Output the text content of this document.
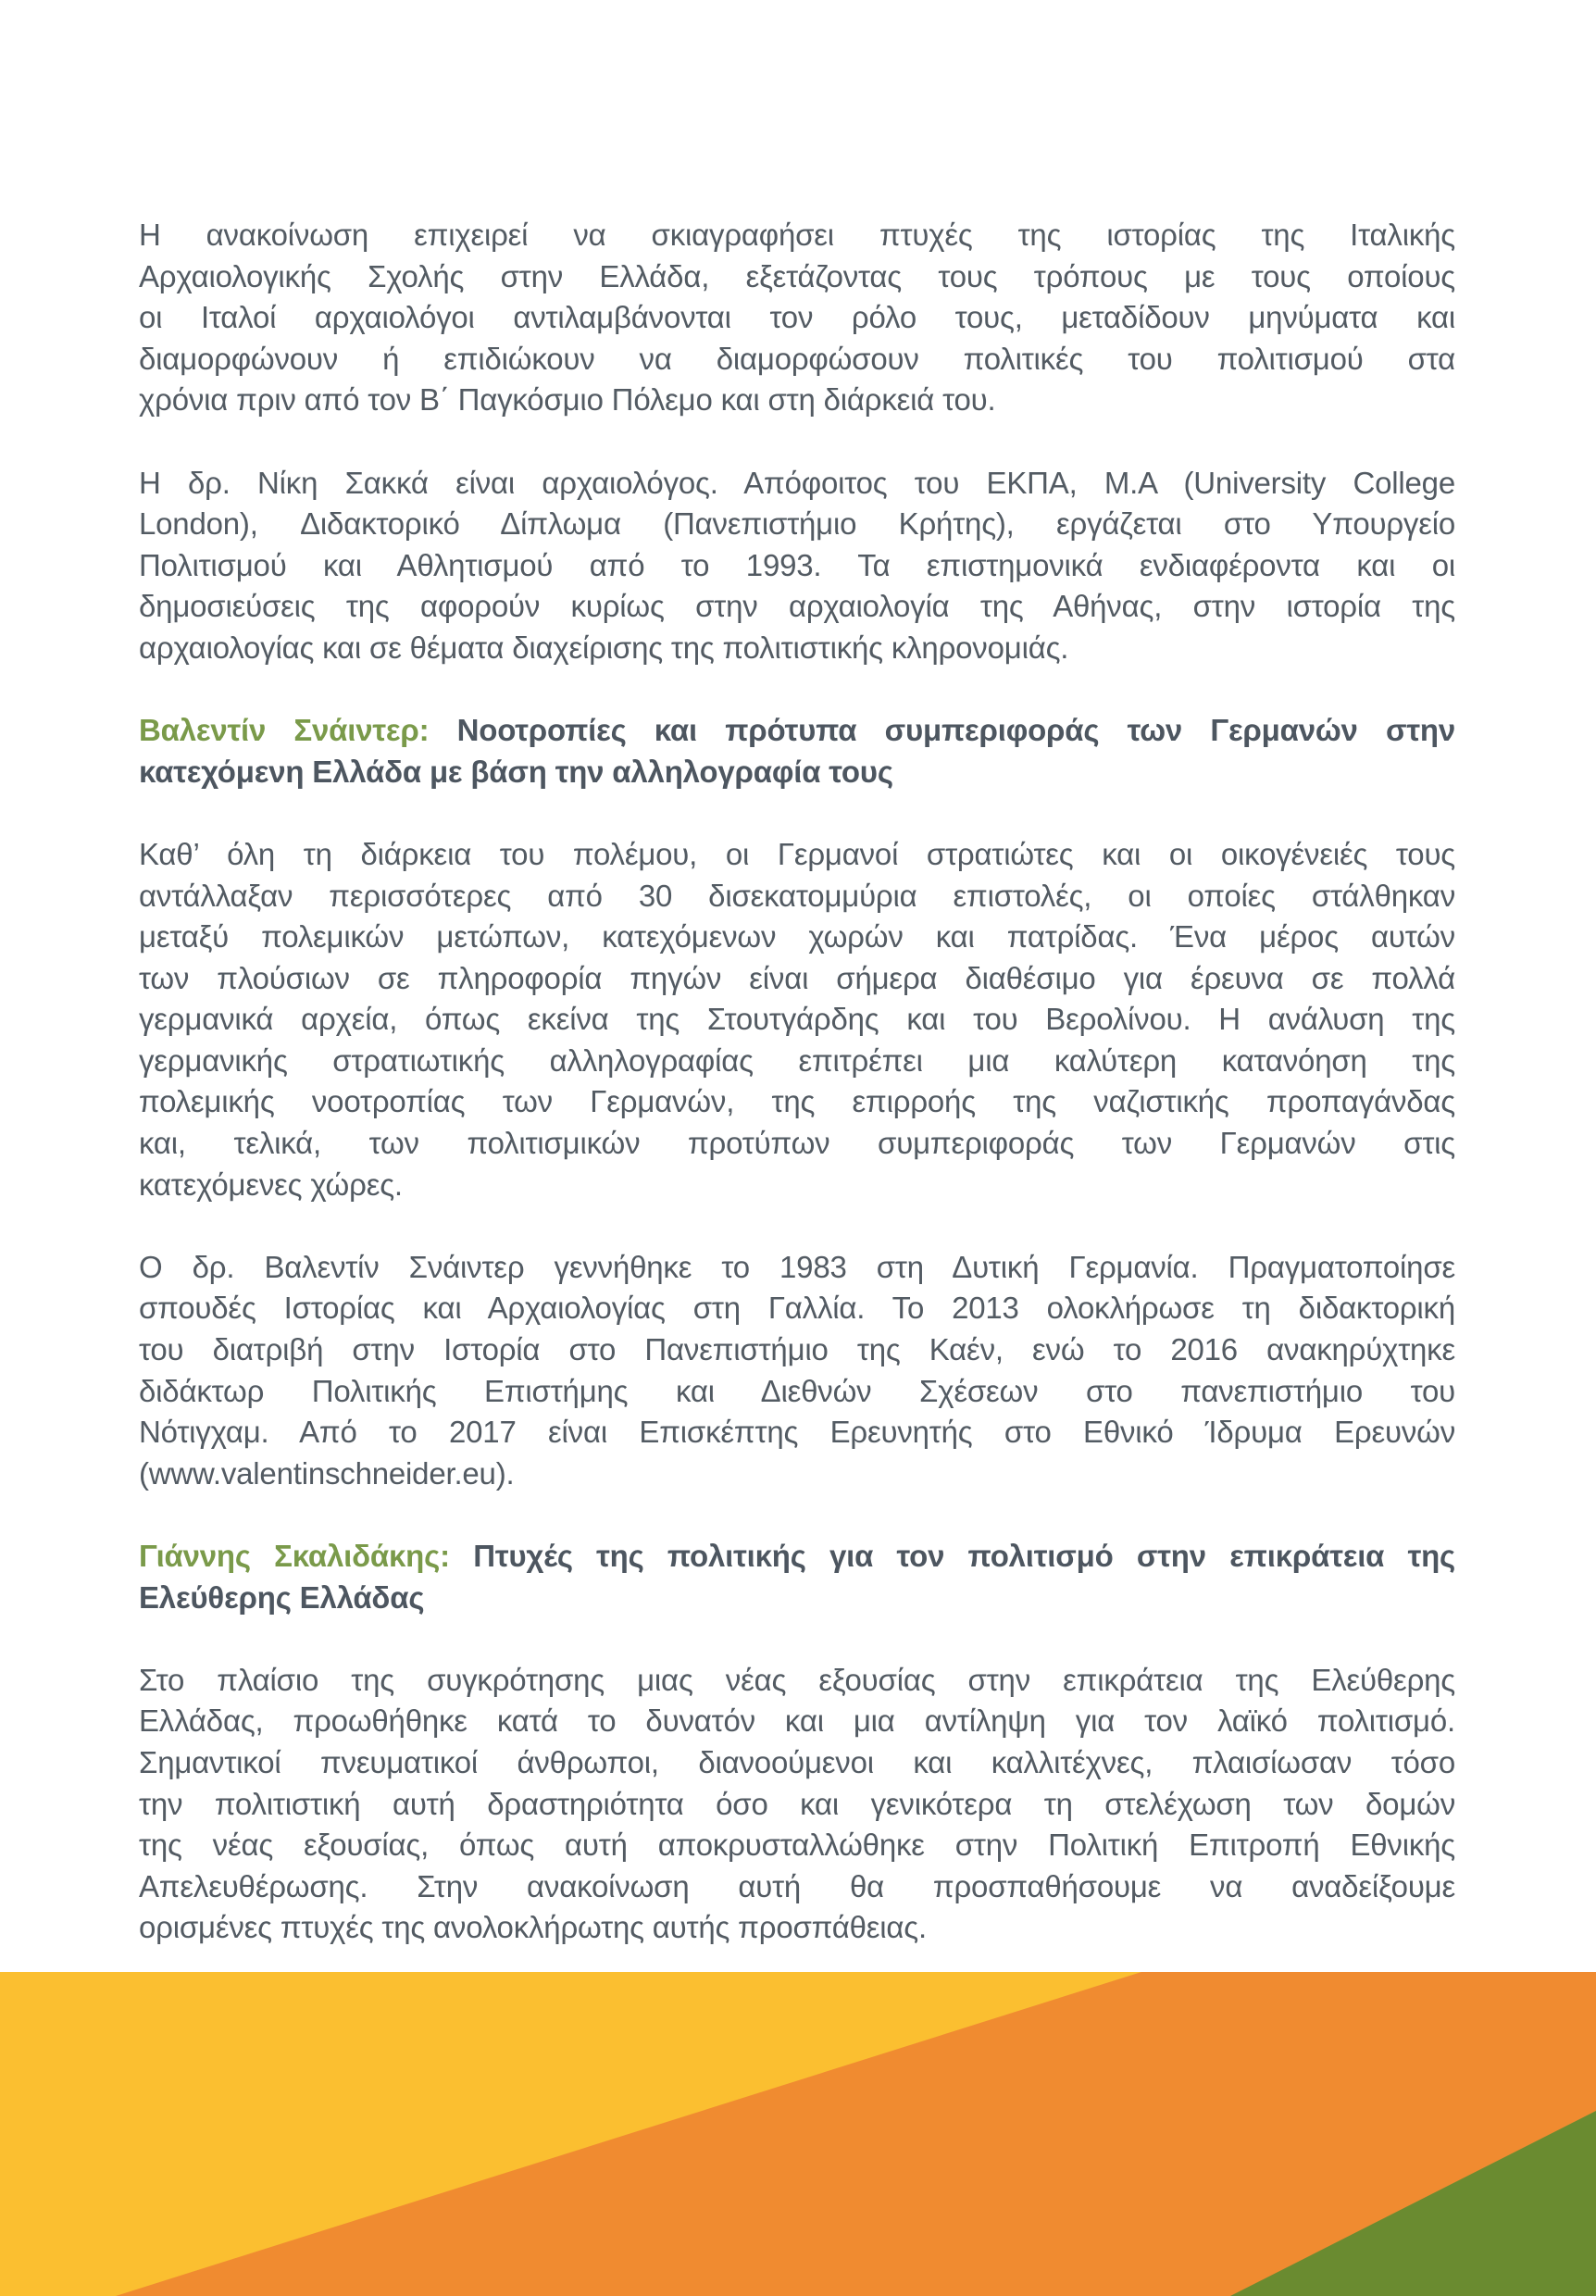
Η ανακοίνωση επιχειρεί να σκιαγραφήσει πτυχές της ιστορίας της Ιταλικής
Αρχαιολογικής Σχολής στην Ελλάδα, εξετάζοντας τους τρόπους με τους οποίους
οι Ιταλοί αρχαιολόγοι αντιλαμβάνονται τον ρόλο τους, μεταδίδουν μηνύματα και
διαμορφώνουν ή επιδιώκουν να διαμορφώσουν πολιτικές του πολιτισμού στα
χρόνια πριν από τον Β΄ Παγκόσμιο Πόλεμο και στη διάρκειά του.
Η δρ. Νίκη Σακκά είναι αρχαιολόγος. Απόφοιτος του ΕΚΠΑ, Μ.Α (University College
London), Διδακτορικό Δίπλωμα (Πανεπιστήμιο Κρήτης), εργάζεται στο Υπουργείο
Πολιτισμού και Αθλητισμού από το 1993. Τα επιστημονικά ενδιαφέροντα και οι
δημοσιεύσεις της αφορούν κυρίως στην αρχαιολογία της Αθήνας, στην ιστορία της
αρχαιολογίας και σε θέματα διαχείρισης της πολιτιστικής κληρονομιάς.
Βαλεντίν Σνάιντερ: Νοοτροπίες και πρότυπα συμπεριφοράς των Γερμανών στην
κατεχόμενη Ελλάδα με βάση την αλληλογραφία τους
Καθ’ όλη τη διάρκεια του πολέμου, οι Γερμανοί στρατιώτες και οι οικογένειές τους
αντάλλαξαν περισσότερες από 30 δισεκατομμύρια επιστολές, οι οποίες στάλθηκαν
μεταξύ πολεμικών μετώπων, κατεχόμενων χωρών και πατρίδας. Ένα μέρος αυτών
των πλούσιων σε πληροφορία πηγών είναι σήμερα διαθέσιμο για έρευνα σε πολλά
γερμανικά αρχεία, όπως εκείνα της Στουτγάρδης και του Βερολίνου. Η ανάλυση της
γερμανικής στρατιωτικής αλληλογραφίας επιτρέπει μια καλύτερη κατανόηση της
πολεμικής νοοτροπίας των Γερμανών, της επιρροής της ναζιστικής προπαγάνδας
και, τελικά, των πολιτισμικών προτύπων συμπεριφοράς των Γερμανών στις
κατεχόμενες χώρες.
Ο δρ. Βαλεντίν Σνάιντερ γεννήθηκε το 1983 στη Δυτική Γερμανία. Πραγματοποίησε
σπουδές Ιστορίας και Αρχαιολογίας στη Γαλλία. Το 2013 ολοκλήρωσε τη διδακτορική
του διατριβή στην Ιστορία στο Πανεπιστήμιο της Καέν, ενώ το 2016 ανακηρύχτηκε
διδάκτωρ Πολιτικής Επιστήμης και Διεθνών Σχέσεων στο πανεπιστήμιο του
Νότιγχαμ. Από το 2017 είναι Επισκέπτης Ερευνητής στο Εθνικό Ίδρυμα Ερευνών
(www.valentinschneider.eu).
Γιάννης Σκαλιδάκης: Πτυχές της πολιτικής για τον πολιτισμό στην επικράτεια της
Ελεύθερης Ελλάδας
Στο πλαίσιο της συγκρότησης μιας νέας εξουσίας στην επικράτεια της Ελεύθερης
Ελλάδας, προωθήθηκε κατά το δυνατόν και μια αντίληψη για τον λαϊκό πολιτισμό.
Σημαντικοί πνευματικοί άνθρωποι, διανοούμενοι και καλλιτέχνες, πλαισίωσαν τόσο
την πολιτιστική αυτή δραστηριότητα όσο και γενικότερα τη στελέχωση των δομών
της νέας εξουσίας, όπως αυτή αποκρυσταλλώθηκε στην Πολιτική Επιτροπή Εθνικής
Απελευθέρωσης. Στην ανακοίνωση αυτή θα προσπαθήσουμε να αναδείξουμε
ορισμένες πτυχές της ανολοκλήρωτης αυτής προσπάθειας.
